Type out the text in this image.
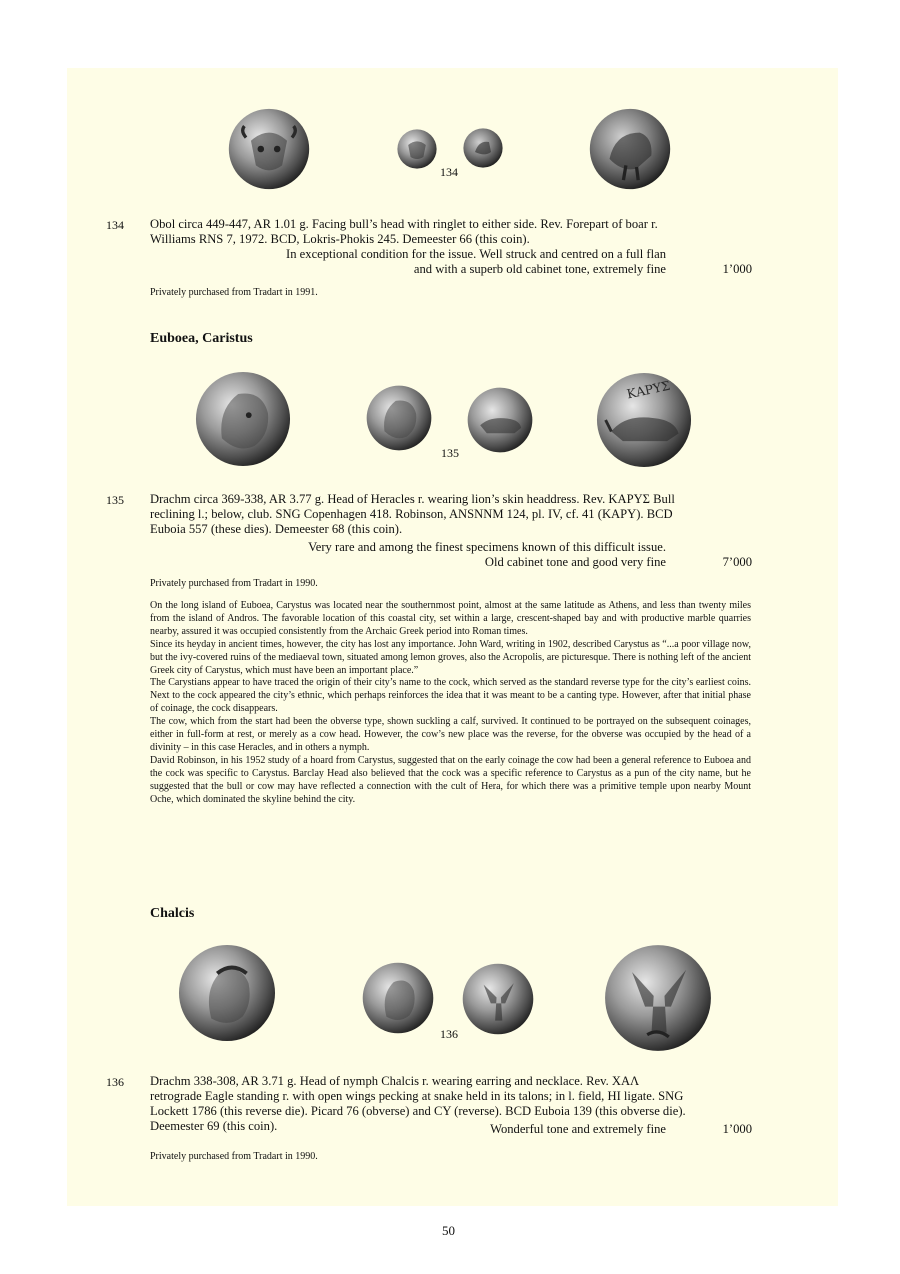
134
134 Obol circa 449-447, AR 1.01 g. Facing bull’s head with ringlet to either side. Rev. Forepart of boar r.
Williams RNS 7, 1972. BCD, Lokris-Phokis 245. Demeester 66 (this coin).
In exceptional condition for the issue. Well struck and centred on a full flan
and with a superb old cabinet tone, extremely fine	1’000
Privately purchased from Tradart in 1991.
Euboea, Caristus
ΚΑΡΥΣ
135
135 Drachm circa 369-338, AR 3.77 g. Head of Heracles r. wearing lion’s skin headdress. Rev. ΚΑΡΥΣ Bull
reclining l.; below, club. SNG Copenhagen 418. Robinson, ANSNNM 124, pl. IV, cf. 41 (ΚΑΡΥ). BCD
Euboia 557 (these dies). Demeester 68 (this coin).
Very rare and among the finest specimens known of this difficult issue.
Old cabinet tone and good very fine	7’000
Privately purchased from Tradart in 1990.

On the long island of Euboea, Carystus was located near the southernmost point, almost at the same latitude as Athens, and less than twenty miles from the island of Andros. The favorable location of this coastal city, set within a large, crescent-shaped bay and with productive marble quarries nearby, assured it was occupied consistently from the Archaic Greek period into Roman times.

Since its heyday in ancient times, however, the city has lost any importance. John Ward, writing in 1902, described Carystus as “...a poor village now, but the ivy-covered ruins of the mediaeval town, situated among lemon groves, also the Acropolis, are picturesque. There is nothing left of the ancient Greek city of Carystus, which must have been an important place.”

The Carystians appear to have traced the origin of their city’s name to the cock, which served as the standard reverse type for the city’s earliest coins. Next to the cock appeared the city’s ethnic, which perhaps reinforces the idea that it was meant to be a canting type. However, after that initial phase of coinage, the cock disappears.

The cow, which from the start had been the obverse type, shown suckling a calf, survived. It continued to be portrayed on the subsequent coinages, either in full-form at rest, or merely as a cow head. However, the cow’s new place was the reverse, for the obverse was occupied by the head of a divinity – in this case Heracles, and in others a nymph.

David Robinson, in his 1952 study of a hoard from Carystus, suggested that on the early coinage the cow had been a general reference to Euboea and the cock was specific to Carystus. Barclay Head also believed that the cock was a specific reference to Carystus as a pun of the city name, but he suggested that the bull or cow may have reflected a connection with the cult of Hera, for which there was a primitive temple upon nearby Mount Oche, which dominated the skyline behind the city.

Chalcis
136
136 Drachm 338-308, AR 3.71 g. Head of nymph Chalcis r. wearing earring and necklace. Rev. ΧΑΛ
retrograde Eagle standing r. with open wings pecking at snake held in its talons; in l. field, HI ligate. SNG
Lockett 1786 (this reverse die). Picard 76 (obverse) and CY (reverse). BCD Euboia 139 (this obverse die).
Deemester 69 (this coin).	Wonderful tone and extremely fine	1’000
Privately purchased from Tradart in 1990.
50
